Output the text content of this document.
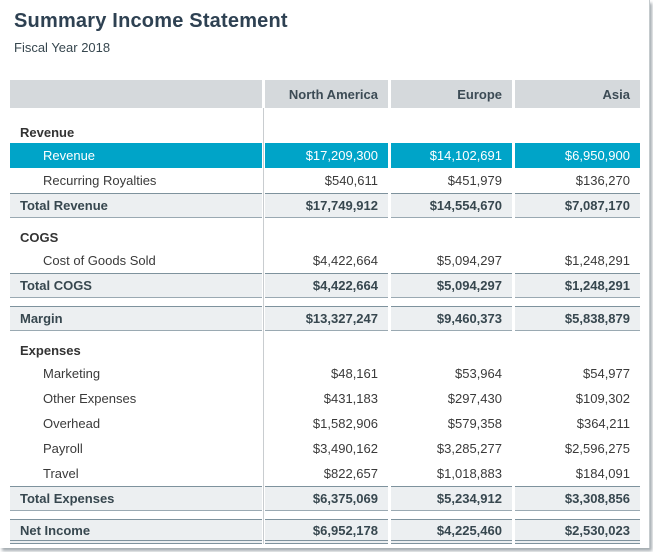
Summary Income Statement
Fiscal Year 2018
North America	Europe	Asia
Revenue
Revenue	$17,209,300	$14,102,691	$6,950,900
Recurring Royalties	$540,611	$451,979	$136,270
Total Revenue	$17,749,912	$14,554,670	$7,087,170
COGS
Cost of Goods Sold	$4,422,664	$5,094,297	$1,248,291
Total COGS	$4,422,664	$5,094,297	$1,248,291
Margin	$13,327,247	$9,460,373	$5,838,879
Expenses
Marketing	$48,161	$53,964	$54,977
Other Expenses	$431,183	$297,430	$109,302
Overhead	$1,582,906	$579,358	$364,211
Payroll	$3,490,162	$3,285,277	$2,596,275
Travel	$822,657	$1,018,883	$184,091
Total Expenses	$6,375,069	$5,234,912	$3,308,856
Net Income	$6,952,178	$4,225,460	$2,530,023
